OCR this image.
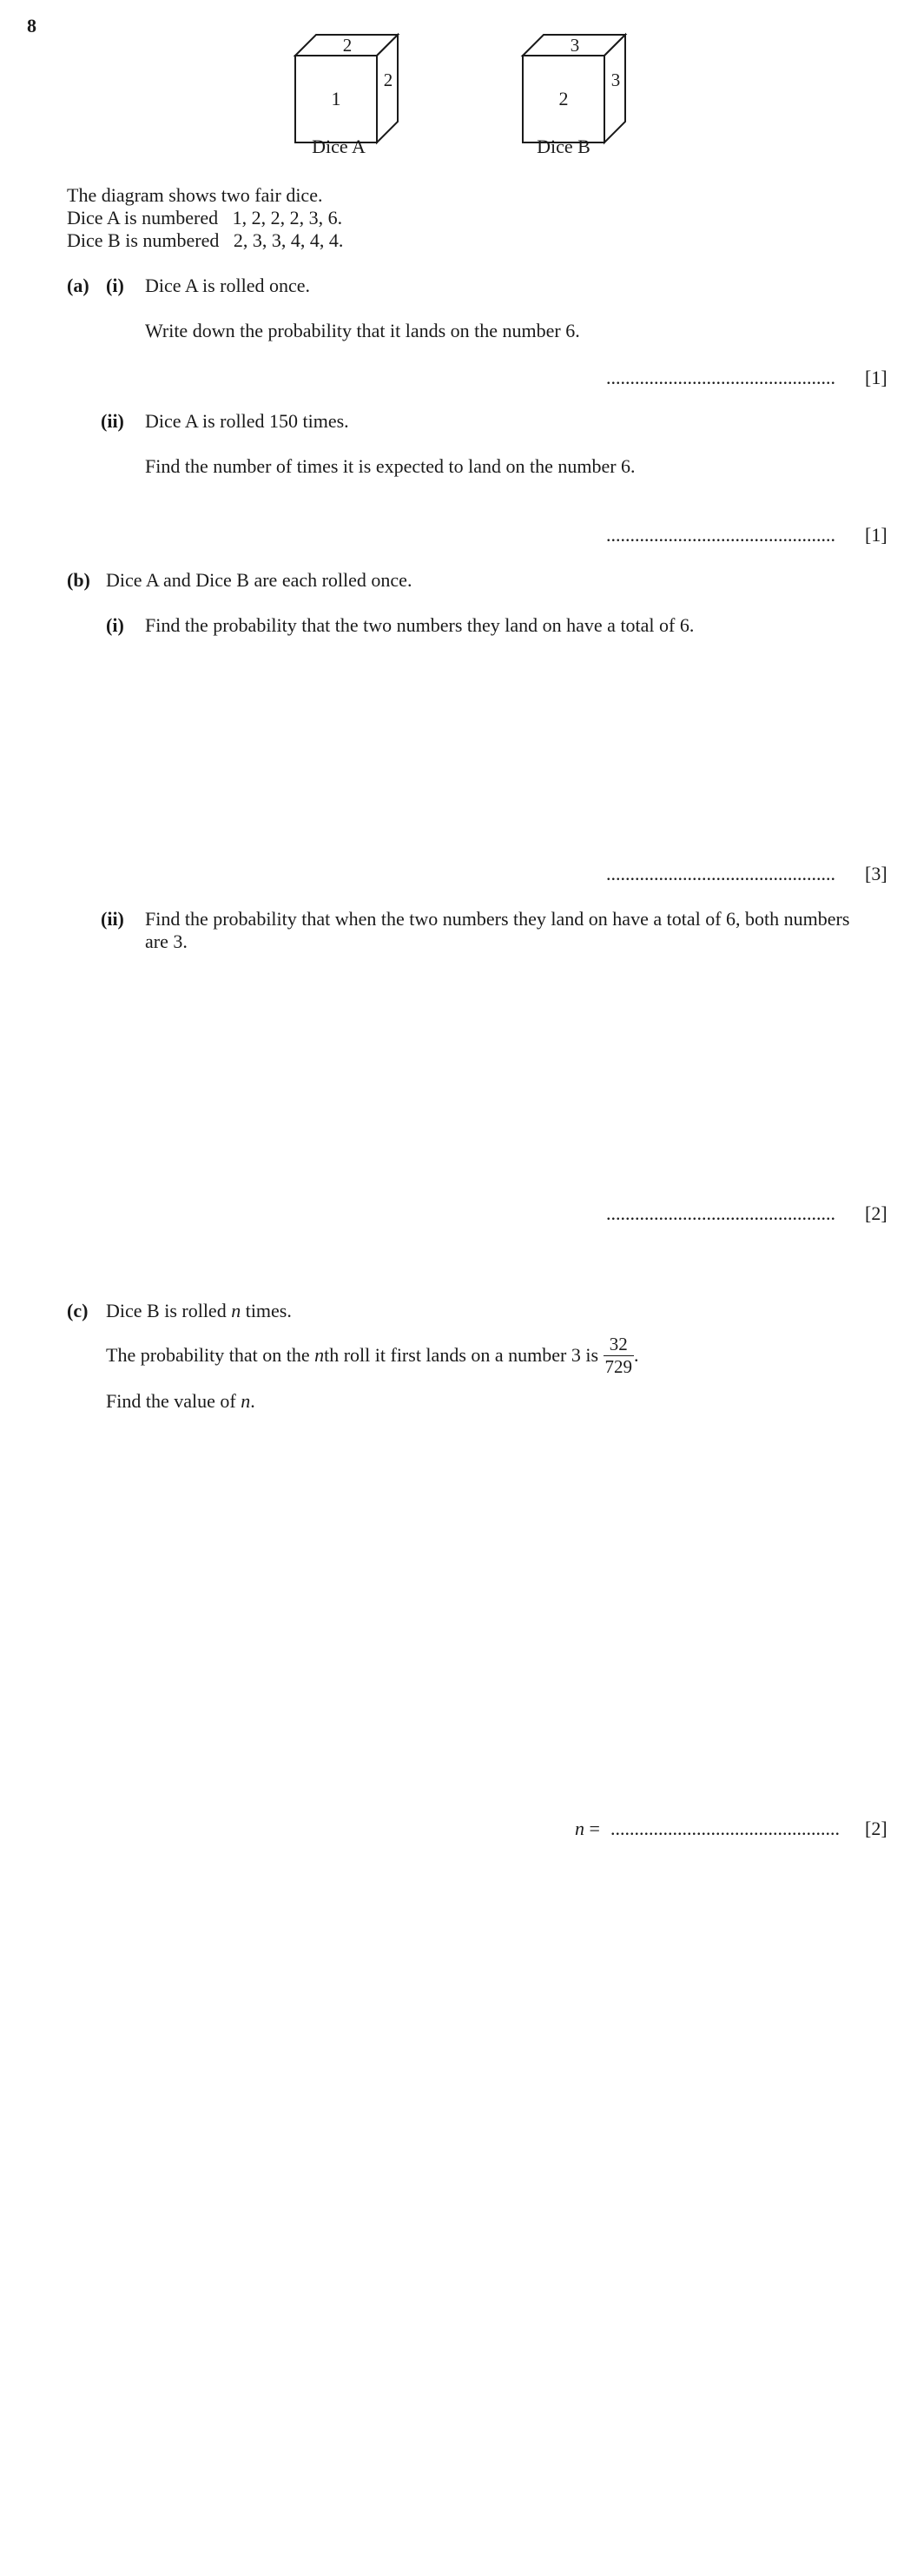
8
1
2
2
Dice A
2
3
3
Dice B
The diagram shows two fair dice.
Dice A is numbered   1, 2, 2, 2, 3, 6.
Dice B is numbered   2, 3, 3, 4, 4, 4.
(a) (i) Dice A is rolled once.
Write down the probability that it lands on the number 6.
................................................ [1]
(ii) Dice A is rolled 150 times.
Find the number of times it is expected to land on the number 6.
................................................ [1]
(b) Dice A and Dice B are each rolled once.
(i) Find the probability that the two numbers they land on have a total of 6.
................................................ [3]
(ii) Find the probability that when the two numbers they land on have a total of 6, both numbers
are 3.
................................................ [2]
(c) Dice B is rolled n times.
The probability that on the n th roll it first lands on a number 3 is $\frac{32}{729}$ .
Find the value of n.
n = ................................................ [2]
